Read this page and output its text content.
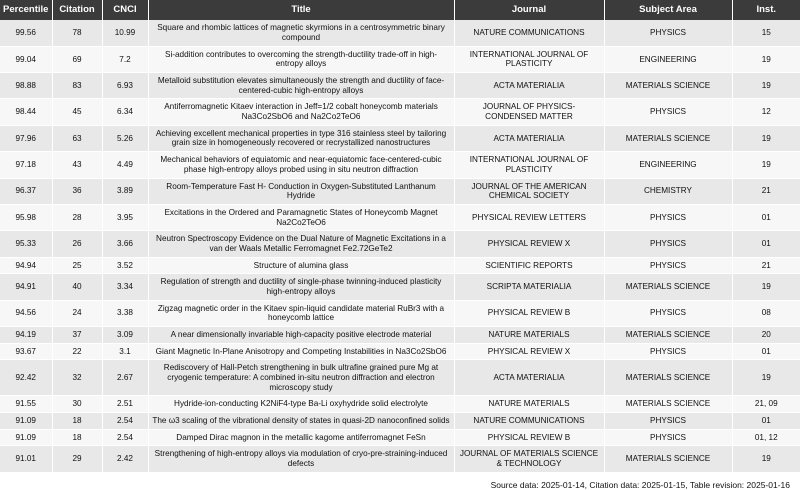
Percentile	Citation	CNCI	Title	Journal	Subject Area	Inst.
99.56	78	10.99	Square and rhombic lattices of magnetic skyrmions in a centrosymmetric binary compound	NATURE COMMUNICATIONS	PHYSICS	15
99.04	69	7.2	Si-addition contributes to overcoming the strength-ductility trade-off in high-entropy alloys	INTERNATIONAL JOURNAL OF PLASTICITY	ENGINEERING	19
98.88	83	6.93	Metalloid substitution elevates simultaneously the strength and ductility of face-centered-cubic high-entropy alloys	ACTA MATERIALIA	MATERIALS SCIENCE	19
98.44	45	6.34	Antiferromagnetic Kitaev interaction in Jeff=1/2 cobalt honeycomb materials Na3Co2SbO6 and Na2Co2TeO6	JOURNAL OF PHYSICS-CONDENSED MATTER	PHYSICS	12
97.96	63	5.26	Achieving excellent mechanical properties in type 316 stainless steel by tailoring grain size in homogeneously recovered or recrystallized nanostructures	ACTA MATERIALIA	MATERIALS SCIENCE	19
97.18	43	4.49	Mechanical behaviors of equiatomic and near-equiatomic face-centered-cubic phase high-entropy alloys probed using in situ neutron diffraction	INTERNATIONAL JOURNAL OF PLASTICITY	ENGINEERING	19
96.37	36	3.89	Room-Temperature Fast H- Conduction in Oxygen-Substituted Lanthanum Hydride	JOURNAL OF THE AMERICAN CHEMICAL SOCIETY	CHEMISTRY	21
95.98	28	3.95	Excitations in the Ordered and Paramagnetic States of Honeycomb Magnet Na2Co2TeO6	PHYSICAL REVIEW LETTERS	PHYSICS	01
95.33	26	3.66	Neutron Spectroscopy Evidence on the Dual Nature of Magnetic Excitations in a van der Waals Metallic Ferromagnet Fe2.72GeTe2	PHYSICAL REVIEW X	PHYSICS	01
94.94	25	3.52	Structure of alumina glass	SCIENTIFIC REPORTS	PHYSICS	21
94.91	40	3.34	Regulation of strength and ductility of single-phase twinning-induced plasticity high-entropy alloys	SCRIPTA MATERIALIA	MATERIALS SCIENCE	19
94.56	24	3.38	Zigzag magnetic order in the Kitaev spin-liquid candidate material RuBr3 with a honeycomb lattice	PHYSICAL REVIEW B	PHYSICS	08
94.19	37	3.09	A near dimensionally invariable high-capacity positive electrode material	NATURE MATERIALS	MATERIALS SCIENCE	20
93.67	22	3.1	Giant Magnetic In-Plane Anisotropy and Competing Instabilities in Na3Co2SbO6	PHYSICAL REVIEW X	PHYSICS	01
92.42	32	2.67	Rediscovery of Hall-Petch strengthening in bulk ultrafine grained pure Mg at cryogenic temperature: A combined in-situ neutron diffraction and electron microscopy study	ACTA MATERIALIA	MATERIALS SCIENCE	19
91.55	30	2.51	Hydride-ion-conducting K2NiF4-type Ba-Li oxyhydride solid electrolyte	NATURE MATERIALS	MATERIALS SCIENCE	21, 09
91.09	18	2.54	The ω3 scaling of the vibrational density of states in quasi-2D nanoconfined solids	NATURE COMMUNICATIONS	PHYSICS	01
91.09	18	2.54	Damped Dirac magnon in the metallic kagome antiferromagnet FeSn	PHYSICAL REVIEW B	PHYSICS	01, 12
91.01	29	2.42	Strengthening of high-entropy alloys via modulation of cryo-pre-straining-induced defects	JOURNAL OF MATERIALS SCIENCE & TECHNOLOGY	MATERIALS SCIENCE	19
Source data: 2025-01-14, Citation data: 2025-01-15, Table revision: 2025-01-16
